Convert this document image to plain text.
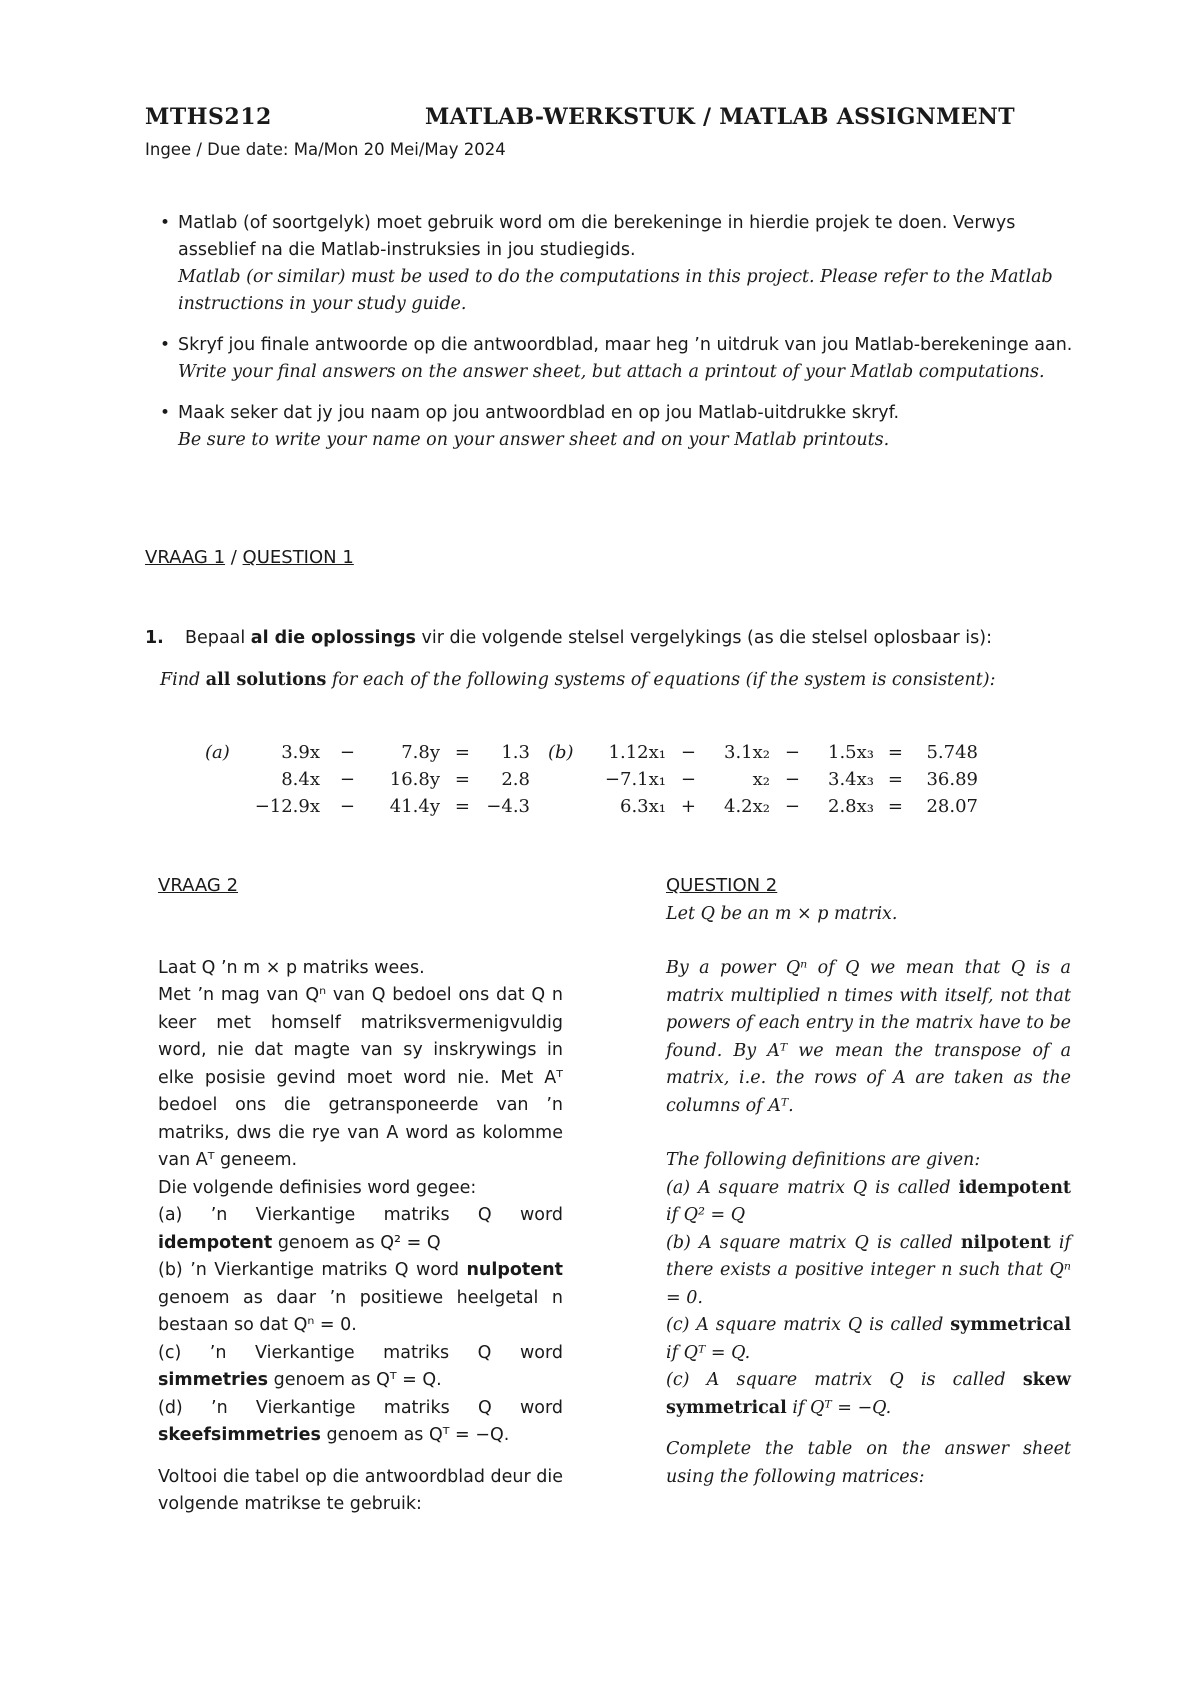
MTHS212	MATLAB-WERKSTUK / MATLAB ASSIGNMENT
Ingee / Due date: Ma/Mon 20 Mei/May 2024
• Matlab (of soortgelyk) moet gebruik word om die berekeninge in hierdie projek te doen. Verwys asseblief na die Matlab-instruksies in jou studiegids.

Matlab (or similar) must be used to do the computations in this project. Please refer to the Matlab instructions in your study guide.

• Skryf jou finale antwoorde op die antwoordblad, maar heg ’n uitdruk van jou Matlab-berekeninge aan.

Write your final answers on the answer sheet, but attach a printout of your Matlab computations.

• Maak seker dat jy jou naam op jou antwoordblad en op jou Matlab-uitdrukke skryf.

Be sure to write your name on your answer sheet and on your Matlab printouts.

VRAAG 1 / QUESTION 1
1. Bepaal al die oplossings vir die volgende stelsel vergelykings (as die stelsel oplosbaar is):
Find all solutions for each of the following systems of equations (if the system is consistent):
(a)	3.9x −	7.8y =	1.3
8.4x −	16.8y =	2.8
−12.9x −	41.4y = −4.3
(b)	1.12x₁ −	3.1x₂ −	1.5x₃ =	5.748
−7.1x₁ −	x₂ −	3.4x₃ =	36.89
6.3x₁ +	4.2x₂ −	2.8x₃ =	28.07

VRAAG 2

Laat Q ’n m × p matriks wees.

Met ’n mag van Qⁿ van Q bedoel ons dat Q n keer met homself matriksvermenigvuldig word, nie dat magte van sy inskrywings in elke posisie gevind moet word nie. Met Aᵀ bedoel ons die getransponeerde van ’n matriks, dws die rye van A word as kolomme van Aᵀ geneem.

Die volgende definisies word gegee:

(a) ’n Vierkantige matriks Q word idempotent genoem as Q² = Q

(b) ’n Vierkantige matriks Q word nulpotent genoem as daar ’n positiewe heelgetal n bestaan so dat Qⁿ = 0.

(c) ’n Vierkantige matriks Q word simmetries genoem as Qᵀ = Q.

(d) ’n Vierkantige matriks Q word skeefsimmetries genoem as Qᵀ = −Q.

Voltooi die tabel op die antwoordblad deur die volgende matrikse te gebruik:

QUESTION 2

Let Q be an m × p matrix.

By a power Qⁿ of Q we mean that Q is a matrix multiplied n times with itself, not that powers of each entry in the matrix have to be found. By Aᵀ we mean the transpose of a matrix, i.e. the rows of A are taken as the columns of Aᵀ.

The following definitions are given:

(a) A square matrix Q is called idempotent if Q² = Q

(b) A square matrix Q is called nilpotent if there exists a positive integer n such that Qⁿ = 0.

(c) A square matrix Q is called symmetrical if Qᵀ = Q.

(c) A square matrix Q is called skew symmetrical if Qᵀ = −Q.

Complete the table on the answer sheet using the following matrices:
